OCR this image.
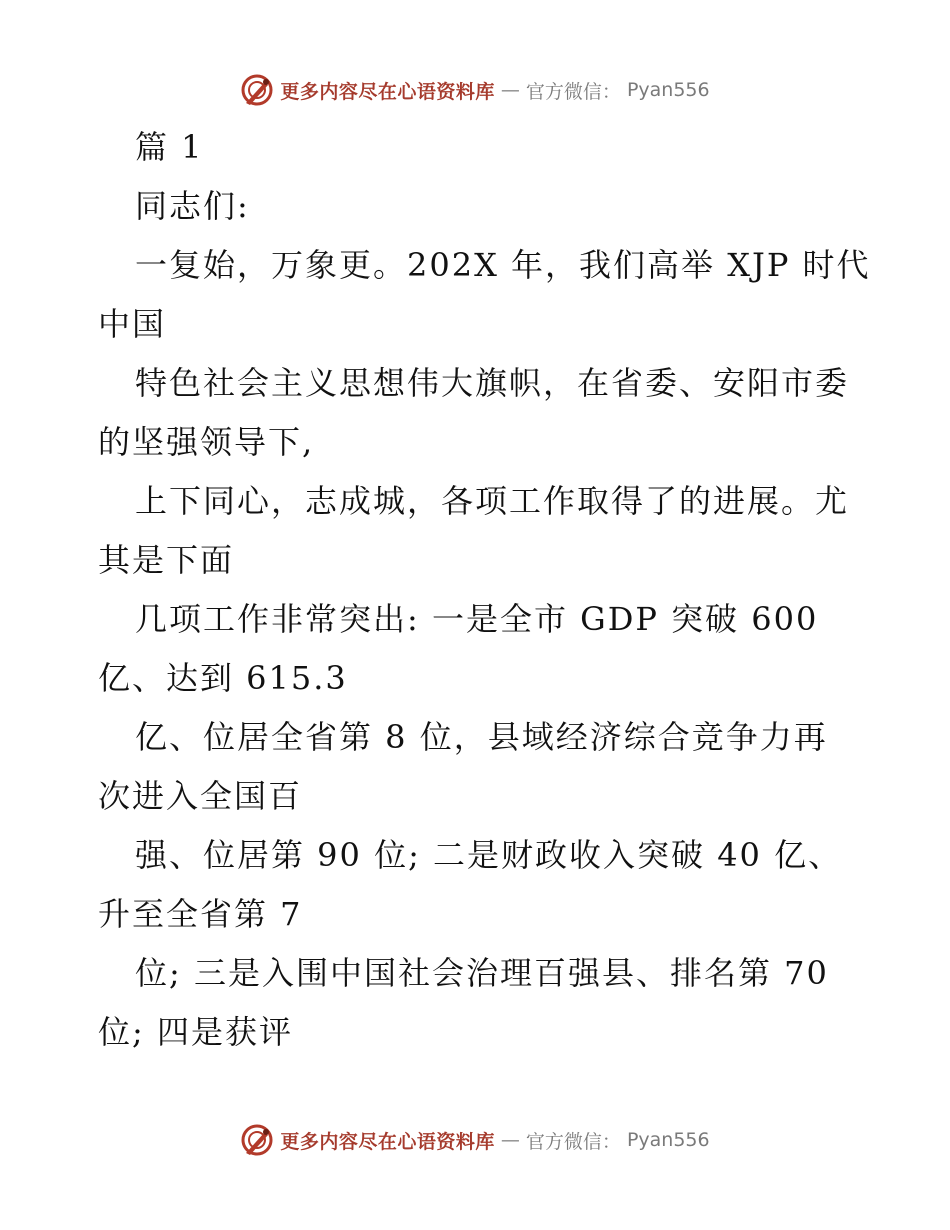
更多内容尽在心语资料库 — 官方微信： Pyan556
篇 1
同志们:
一复始，万象更。202X 年，我们高举 XJP 时代
中国
特色社会主义思想伟大旗帜，在省委、安阳市委
的坚强领导下,
上下同心，志成城，各项工作取得了的进展。尤
其是下面
几项工作非常突出: 一是全市 GDP 突破 600
亿、达到 615.3
亿、位居全省第 8 位，县域经济综合竞争力再
次进入全国百
强、位居第 90 位; 二是财政收入突破 40 亿、
升至全省第 7
位; 三是入围中国社会治理百强县、排名第 70
位; 四是获评
更多内容尽在心语资料库 — 官方微信： Pyan556
